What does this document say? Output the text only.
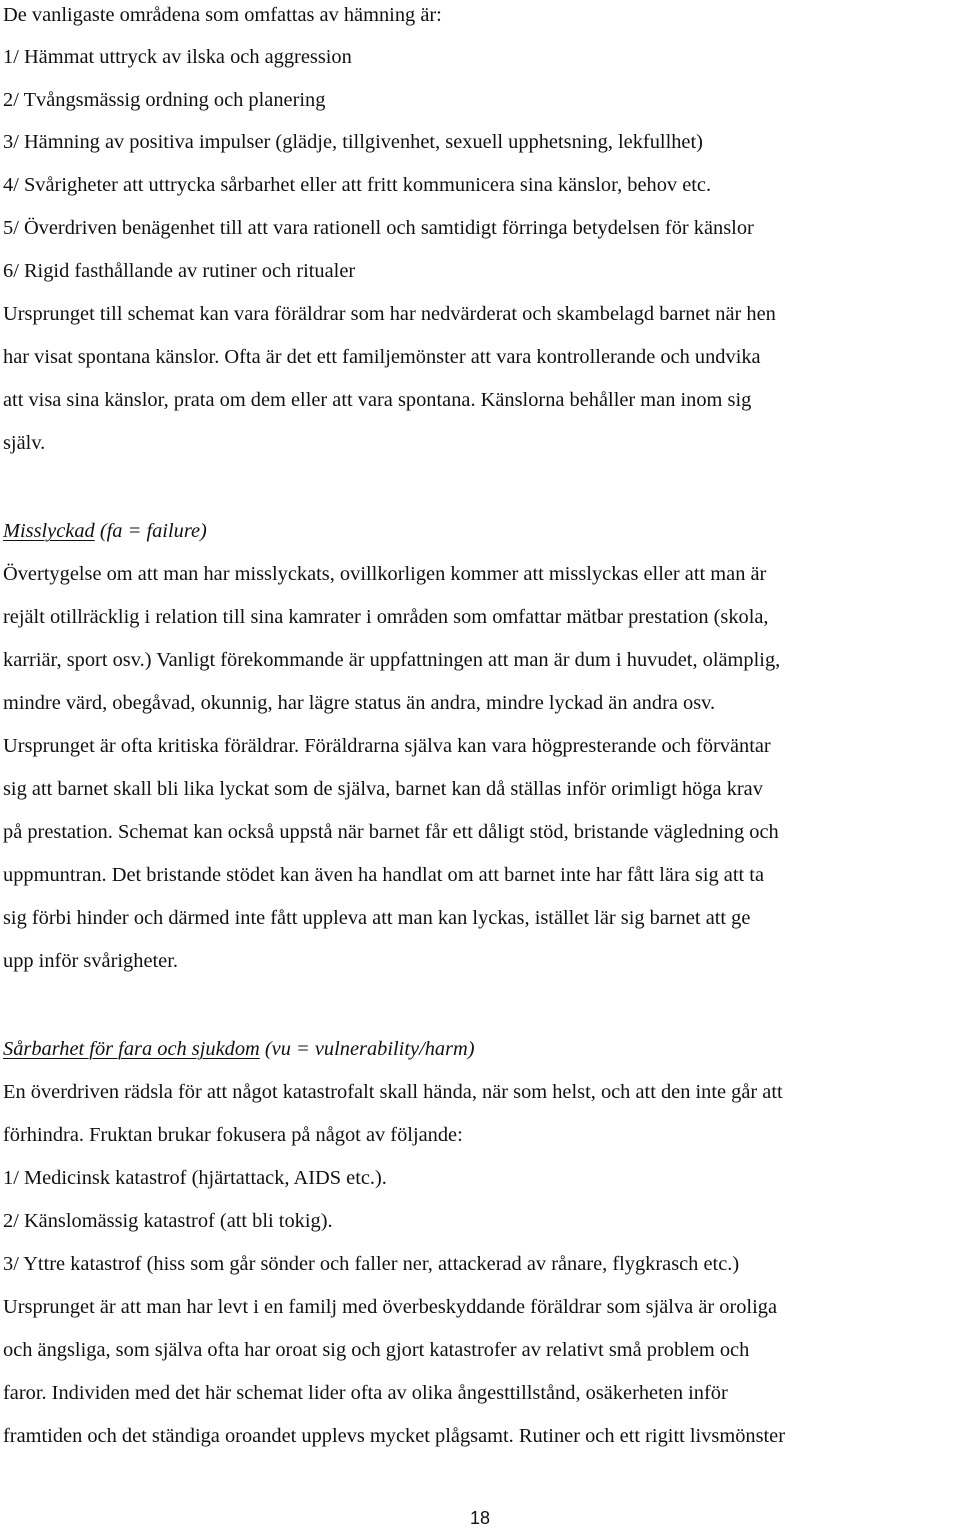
De vanligaste områdena som omfattas av hämning är:

1/ Hämmat uttryck av ilska och aggression

2/ Tvångsmässig ordning och planering

3/ Hämning av positiva impulser (glädje, tillgivenhet, sexuell upphetsning, lekfullhet)

4/ Svårigheter att uttrycka sårbarhet eller att fritt kommunicera sina känslor, behov etc.

5/ Överdriven benägenhet till att vara rationell och samtidigt förringa betydelsen för känslor

6/ Rigid fasthållande av rutiner och ritualer

Ursprunget till schemat kan vara föräldrar som har nedvärderat och skambelagd barnet när hen

har visat spontana känslor. Ofta är det ett familjemönster att vara kontrollerande och undvika

att visa sina känslor, prata om dem eller att vara spontana. Känslorna behåller man inom sig

själv.

Misslyckad (fa = failure)

Övertygelse om att man har misslyckats, ovillkorligen kommer att misslyckas eller att man är

rejält otillräcklig i relation till sina kamrater i områden som omfattar mätbar prestation (skola,

karriär, sport osv.) Vanligt förekommande är uppfattningen att man är dum i huvudet, olämplig,

mindre värd, obegåvad, okunnig, har lägre status än andra, mindre lyckad än andra osv.

Ursprunget är ofta kritiska föräldrar. Föräldrarna själva kan vara högpresterande och förväntar

sig att barnet skall bli lika lyckat som de själva, barnet kan då ställas inför orimligt höga krav

på prestation. Schemat kan också uppstå när barnet får ett dåligt stöd, bristande vägledning och

uppmuntran. Det bristande stödet kan även ha handlat om att barnet inte har fått lära sig att ta

sig förbi hinder och därmed inte fått uppleva att man kan lyckas, istället lär sig barnet att ge

upp inför svårigheter.

Sårbarhet för fara och sjukdom (vu = vulnerability/harm)

En överdriven rädsla för att något katastrofalt skall hända, när som helst, och att den inte går att

förhindra. Fruktan brukar fokusera på något av följande:

1/ Medicinsk katastrof (hjärtattack, AIDS etc.).

2/ Känslomässig katastrof (att bli tokig).

3/ Yttre katastrof (hiss som går sönder och faller ner, attackerad av rånare, flygkrasch etc.)

Ursprunget är att man har levt i en familj med överbeskyddande föräldrar som själva är oroliga

och ängsliga, som själva ofta har oroat sig och gjort katastrofer av relativt små problem och

faror. Individen med det här schemat lider ofta av olika ångesttillstånd, osäkerheten inför

framtiden och det ständiga oroandet upplevs mycket plågsamt. Rutiner och ett rigitt livsmönster

18
